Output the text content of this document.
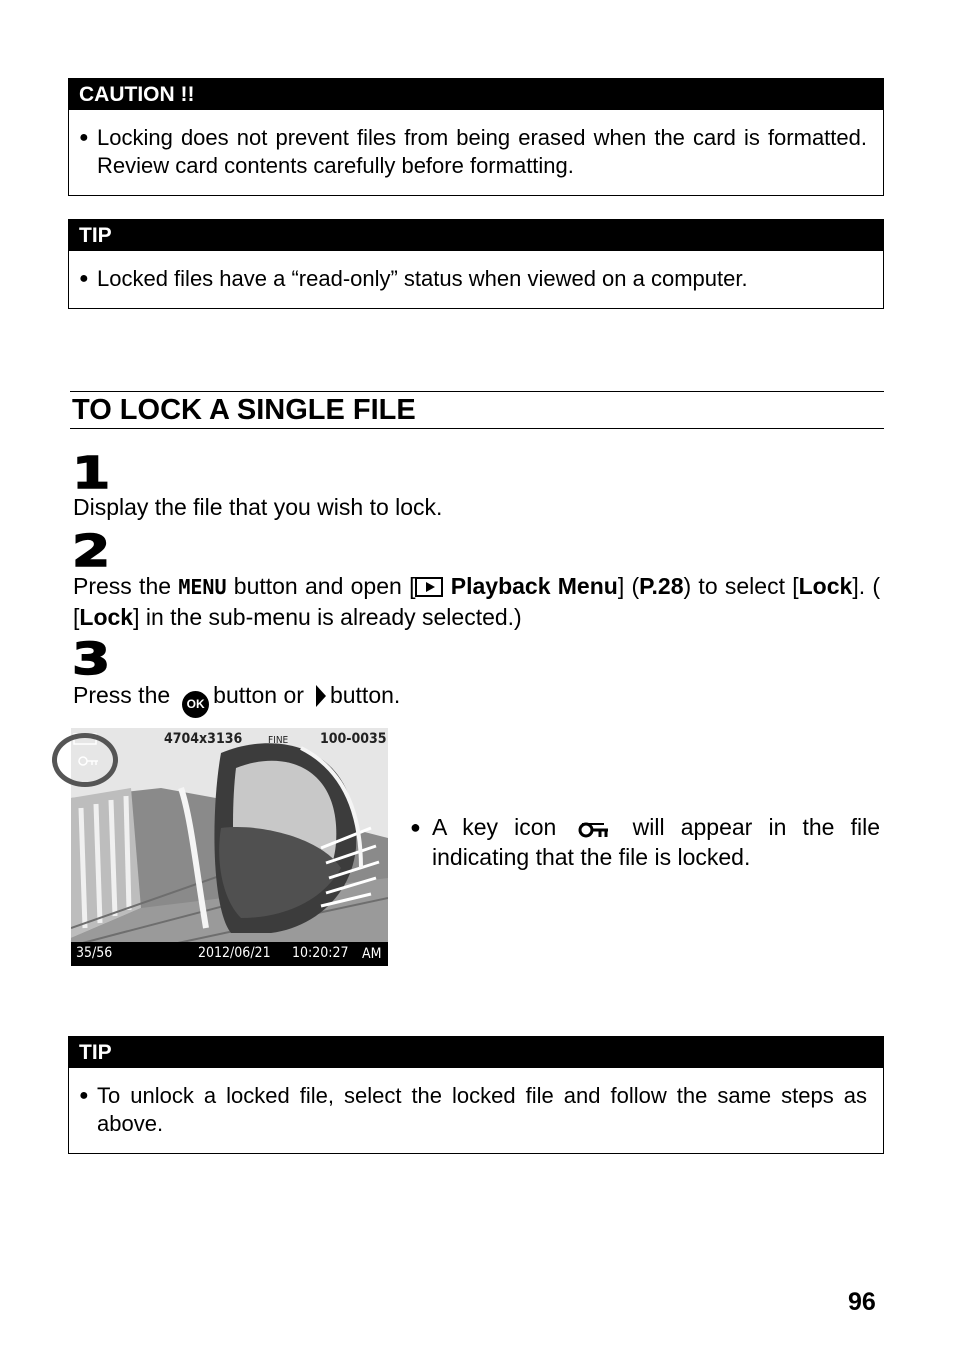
CAUTION !!
● Locking does not prevent files from being erased when the card is formatted. Review card contents carefully before formatting.
TIP
● Locked files have a “read-only” status when viewed on a computer.
TO LOCK A SINGLE FILE
1
Display the file that you wish to lock.
2
Press the MENU button and open [ Playback Menu] (P.28) to select [Lock]. ( [Lock] in the sub-menu is already selected.)
3
Press the OK button or button.
4704x3136	FINE 100-0035
35/56	2012/06/21 10:20:27 AM
● A key icon	will appear in the file indicating that the file is locked.
TIP
● To unlock a locked file, select the locked file and follow the same steps as above.
96
